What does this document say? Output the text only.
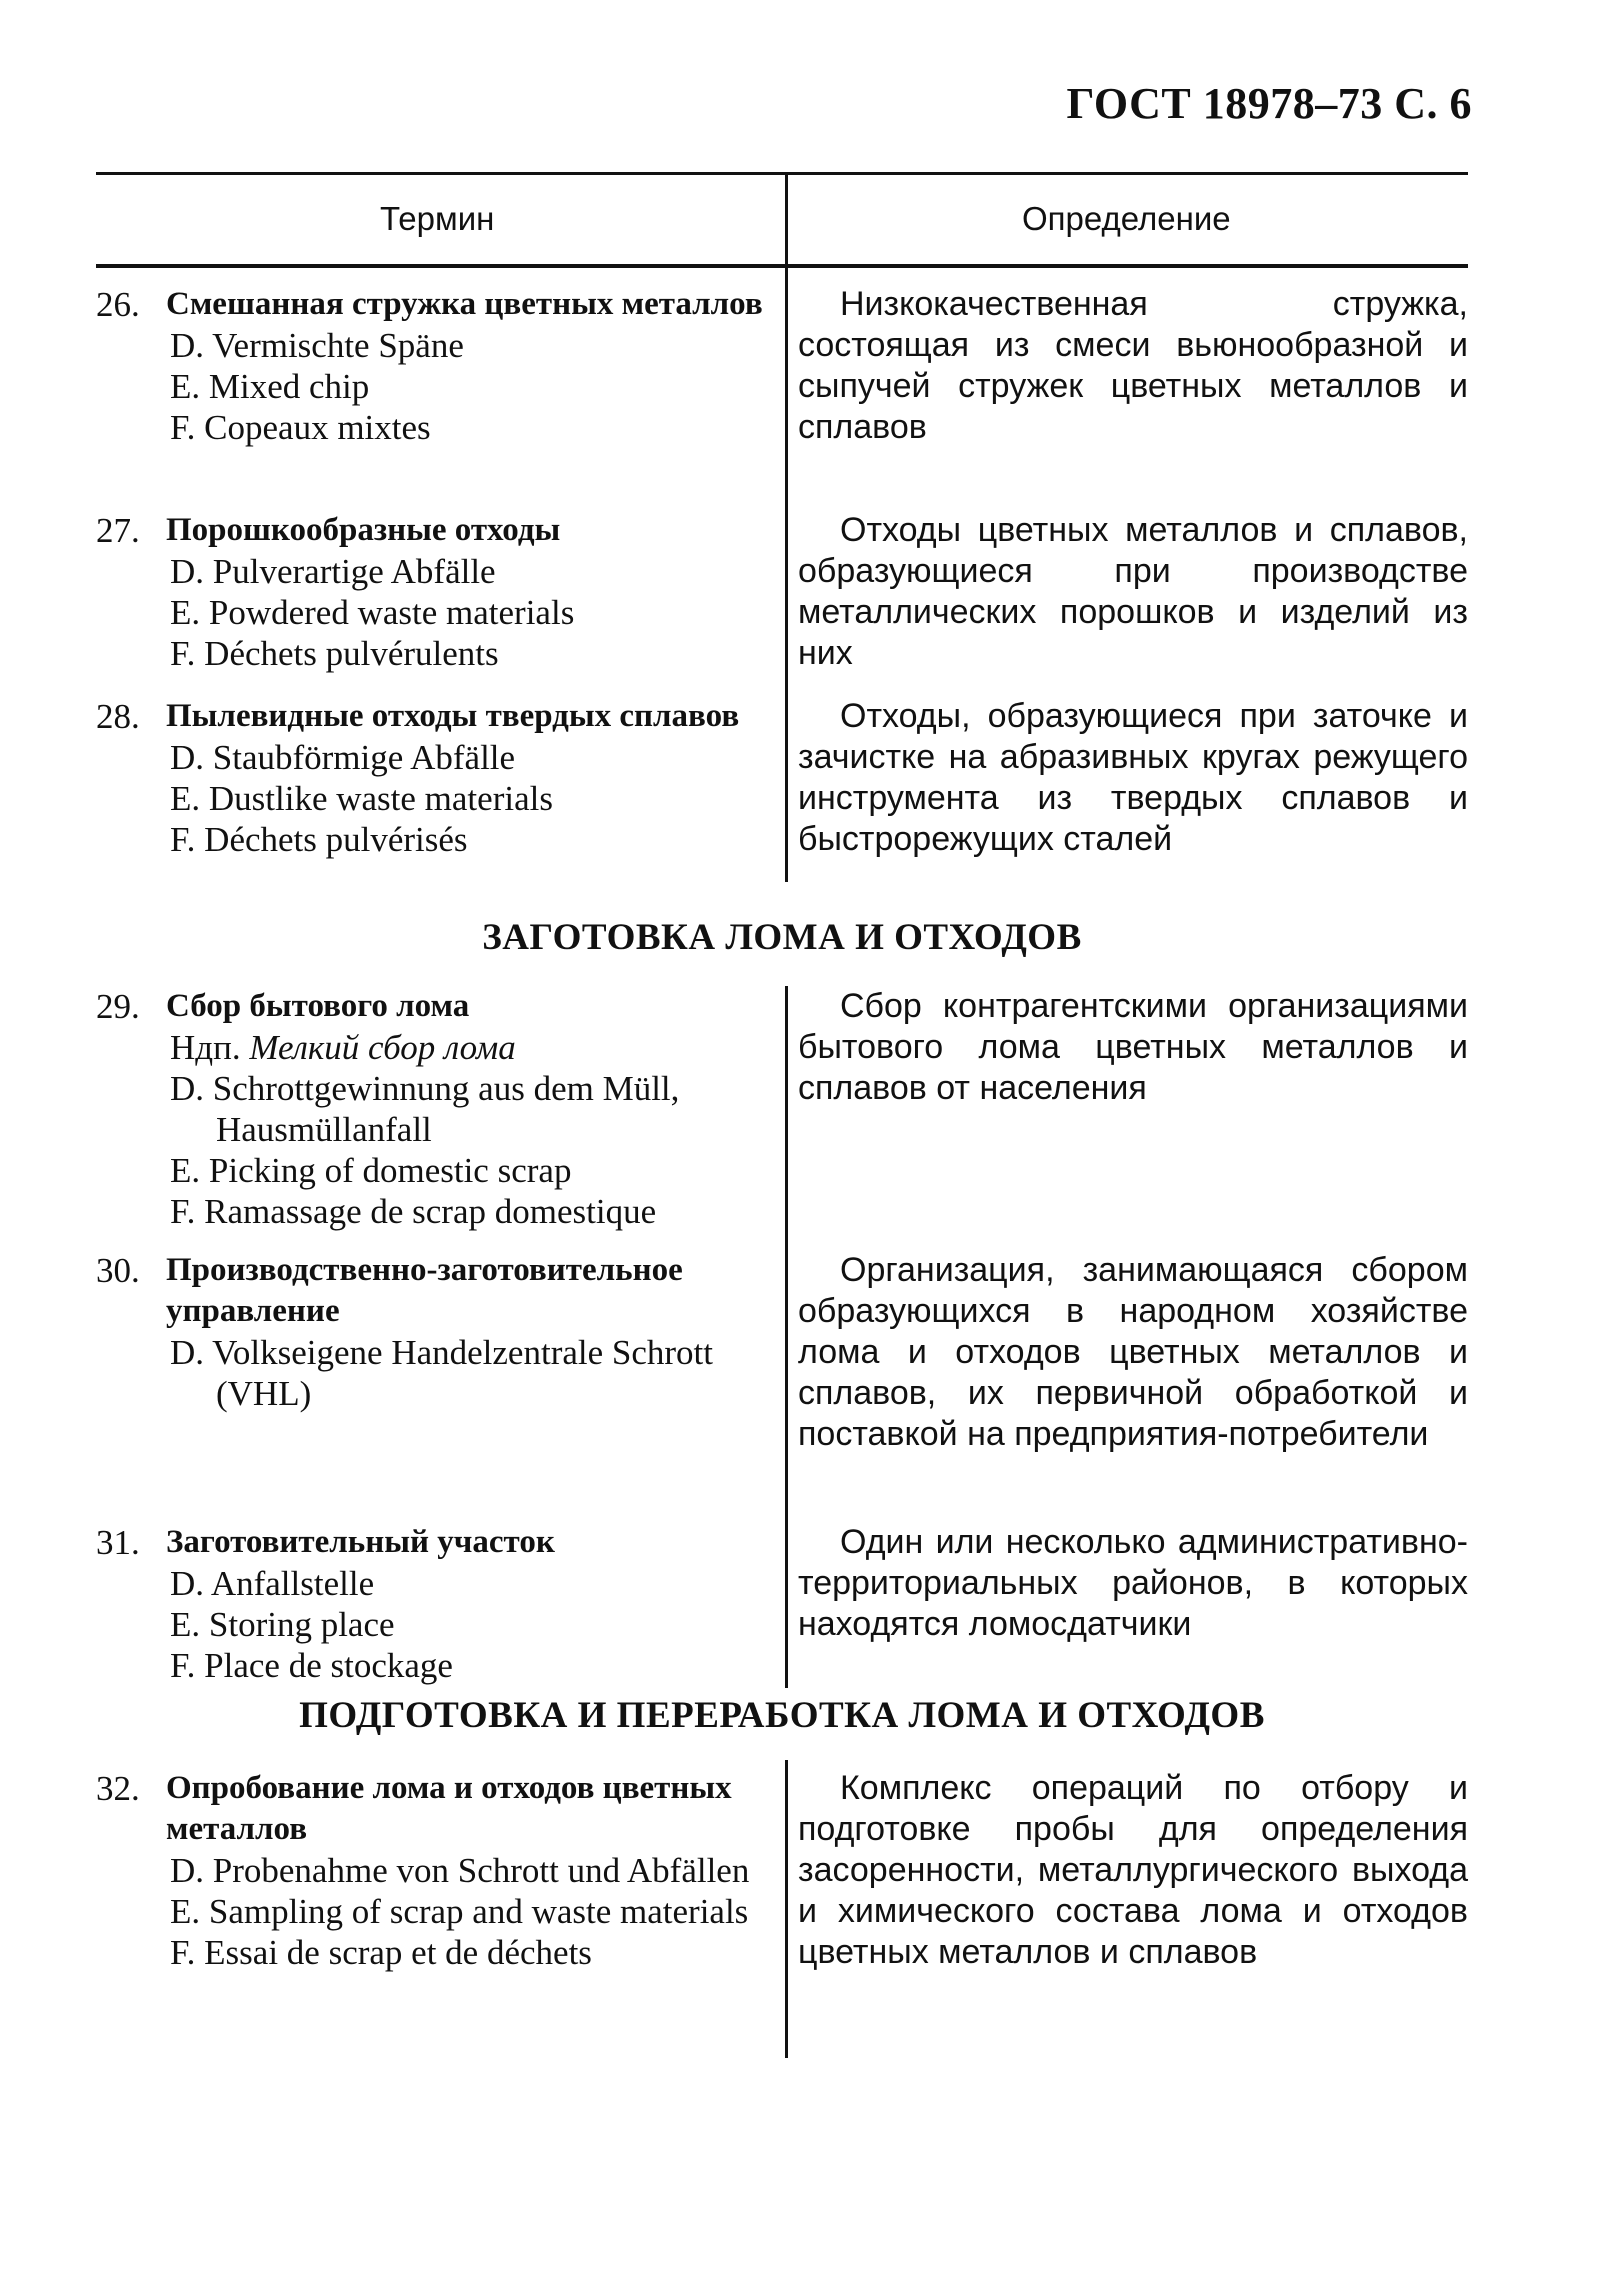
ГОСТ 18978–73 С. 6
Термин	Определение
26. Смешанная стружка цветных металлов
D. Vermischte Späne
E. Mixed chip
F. Copeaux mixtes
Низкокачественная стружка, состоящая из смеси вьюнообразной и сыпучей стружек цветных металлов и сплавов
27. Порошкообразные отходы
D. Pulverartige Abfälle
E. Powdered waste materials
F. Déchets pulvérulents
Отходы цветных металлов и сплавов, образующиеся при производстве металлических порошков и изделий из них
28. Пылевидные отходы твердых сплавов
D. Staubförmige Abfälle
E. Dustlike waste materials
F. Déchets pulvérisés
Отходы, образующиеся при заточке и зачистке на абразивных кругах режущего инструмента из твердых сплавов и быстрорежущих сталей
ЗАГОТОВКА ЛОМА И ОТХОДОВ
29. Сбор бытового лома
Ндп. Мелкий сбор лома
D. Schrottgewinnung aus dem Müll, Hausmüllanfall
E. Picking of domestic scrap
F. Ramassage de scrap domestique
Сбор контрагентскими организациями бытового лома цветных металлов и сплавов от населения
30. Производственно-заготовительное управление
D. Volkseigene Handelzentrale Schrott (VHL)
Организация, занимающаяся сбором образующихся в народном хозяйстве лома и отходов цветных металлов и сплавов, их первичной обработкой и поставкой на предприятия-потребители
31. Заготовительный участок
D. Anfallstelle
E. Storing place
F. Place de stockage
Один или несколько административно-территориальных районов, в которых находятся ломосдатчики
ПОДГОТОВКА И ПЕРЕРАБОТКА ЛОМА И ОТХОДОВ
32. Опробование лома и отходов цветных металлов
D. Probenahme von Schrott und Abfällen
E. Sampling of scrap and waste materials
F. Essai de scrap et de déchets
Комплекс операций по отбору и подготовке пробы для определения засоренности, металлургического выхода и химического состава лома и отходов цветных металлов и сплавов
